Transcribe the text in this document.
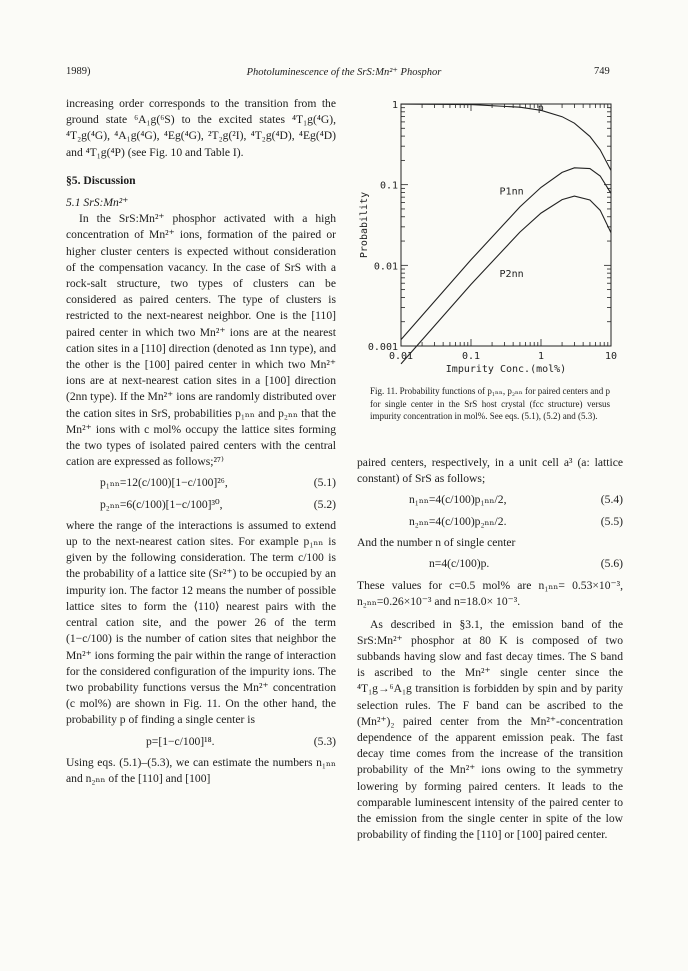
1989)	Photoluminescence of the SrS:Mn²⁺ Phosphor	749

increasing order corresponds to the transition from the ground state ⁶A₁g(⁶S) to the excited states ⁴T₁g(⁴G), ⁴T₂g(⁴G), ⁴A₁g(⁴G), ⁴Eg(⁴G), ²T₂g(²I), ⁴T₂g(⁴D), ⁴Eg(⁴D) and ⁴T₁g(⁴P) (see Fig. 10 and Table I).

§5. Discussion

5.1 SrS:Mn²⁺

In the SrS:Mn²⁺ phosphor activated with a high concentration of Mn²⁺ ions, formation of the paired or higher cluster centers is expected without consideration of the compensation vacancy. In the case of SrS with a rock-salt structure, two types of clusters can be considered as paired centers. The type of clusters is restricted to the next-nearest neighbor. One is the [110] paired center in which two Mn²⁺ ions are at the nearest cation sites in a [110] direction (denoted as 1nn type), and the other is the [100] paired center in which two Mn²⁺ ions are at next-nearest cation sites in a [100] direction (2nn type). If the Mn²⁺ ions are randomly distributed over the cation sites in SrS, probabilities p₁ₙₙ and p₂ₙₙ that the Mn²⁺ ions with c mol% occupy the lattice sites forming the two types of isolated paired centers with the central cation are expressed as follows;²⁷⁾

p₁ₙₙ=12(c/100)[1−c/100]²⁶,	(5.1)

p₂ₙₙ=6(c/100)[1−c/100]³⁰,	(5.2)

where the range of the interactions is assumed to extend up to the next-nearest cation sites. For example p₁ₙₙ is given by the following consideration. The term c/100 is the probability of a lattice site (Sr²⁺) to be occupied by an impurity ion. The factor 12 means the number of possible lattice sites to form the ⟨110⟩ nearest pairs with the central cation site, and the power 26 of the term (1−c/100) is the number of cation sites that neighbor the Mn²⁺ ions forming the pair within the range of interaction for the considered configuration of the impurity ions. The two probability functions versus the Mn²⁺ concentration (c mol%) are shown in Fig. 11. On the other hand, the probability p of finding a single center is

p=[1−c/100]¹⁸.	(5.3)

Using eqs. (5.1)–(5.3), we can estimate the numbers n₁ₙₙ and n₂ₙₙ of the [110] and [100]

0.01	0.1	1	10
1
0.1
0.01
0.001
Impurity Conc.(mol%)
Probability
p
P1nn
P2nn
Fig. 11. Probability functions of p₁ₙₙ, p₂ₙₙ for paired centers and p for single center in the SrS host crystal (fcc structure) versus impurity concentration in mol%. See eqs. (5.1), (5.2) and (5.3).

paired centers, respectively, in a unit cell a³ (a: lattice constant) of SrS as follows;

n₁ₙₙ=4(c/100)p₁ₙₙ/2,	(5.4)

n₂ₙₙ=4(c/100)p₂ₙₙ/2.	(5.5)

And the number n of single center

n=4(c/100)p.	(5.6)

These values for c=0.5 mol% are n₁ₙₙ= 0.53×10⁻³, n₂ₙₙ=0.26×10⁻³ and n=18.0× 10⁻³.

As described in §3.1, the emission band of the SrS:Mn²⁺ phosphor at 80 K is composed of two subbands having slow and fast decay times. The S band is ascribed to the Mn²⁺ single center since the ⁴T₁g→⁶A₁g transition is forbidden by spin and by parity selection rules. The F band can be ascribed to the (Mn²⁺)₂ paired center from the Mn²⁺-concentration dependence of the apparent emission peak. The fast decay time comes from the increase of the transition probability of the Mn²⁺ ions owing to the symmetry lowering by forming paired centers. It leads to the comparable luminescent intensity of the paired center to the emission from the single center in spite of the low probability of finding the [110] or [100] paired center.
